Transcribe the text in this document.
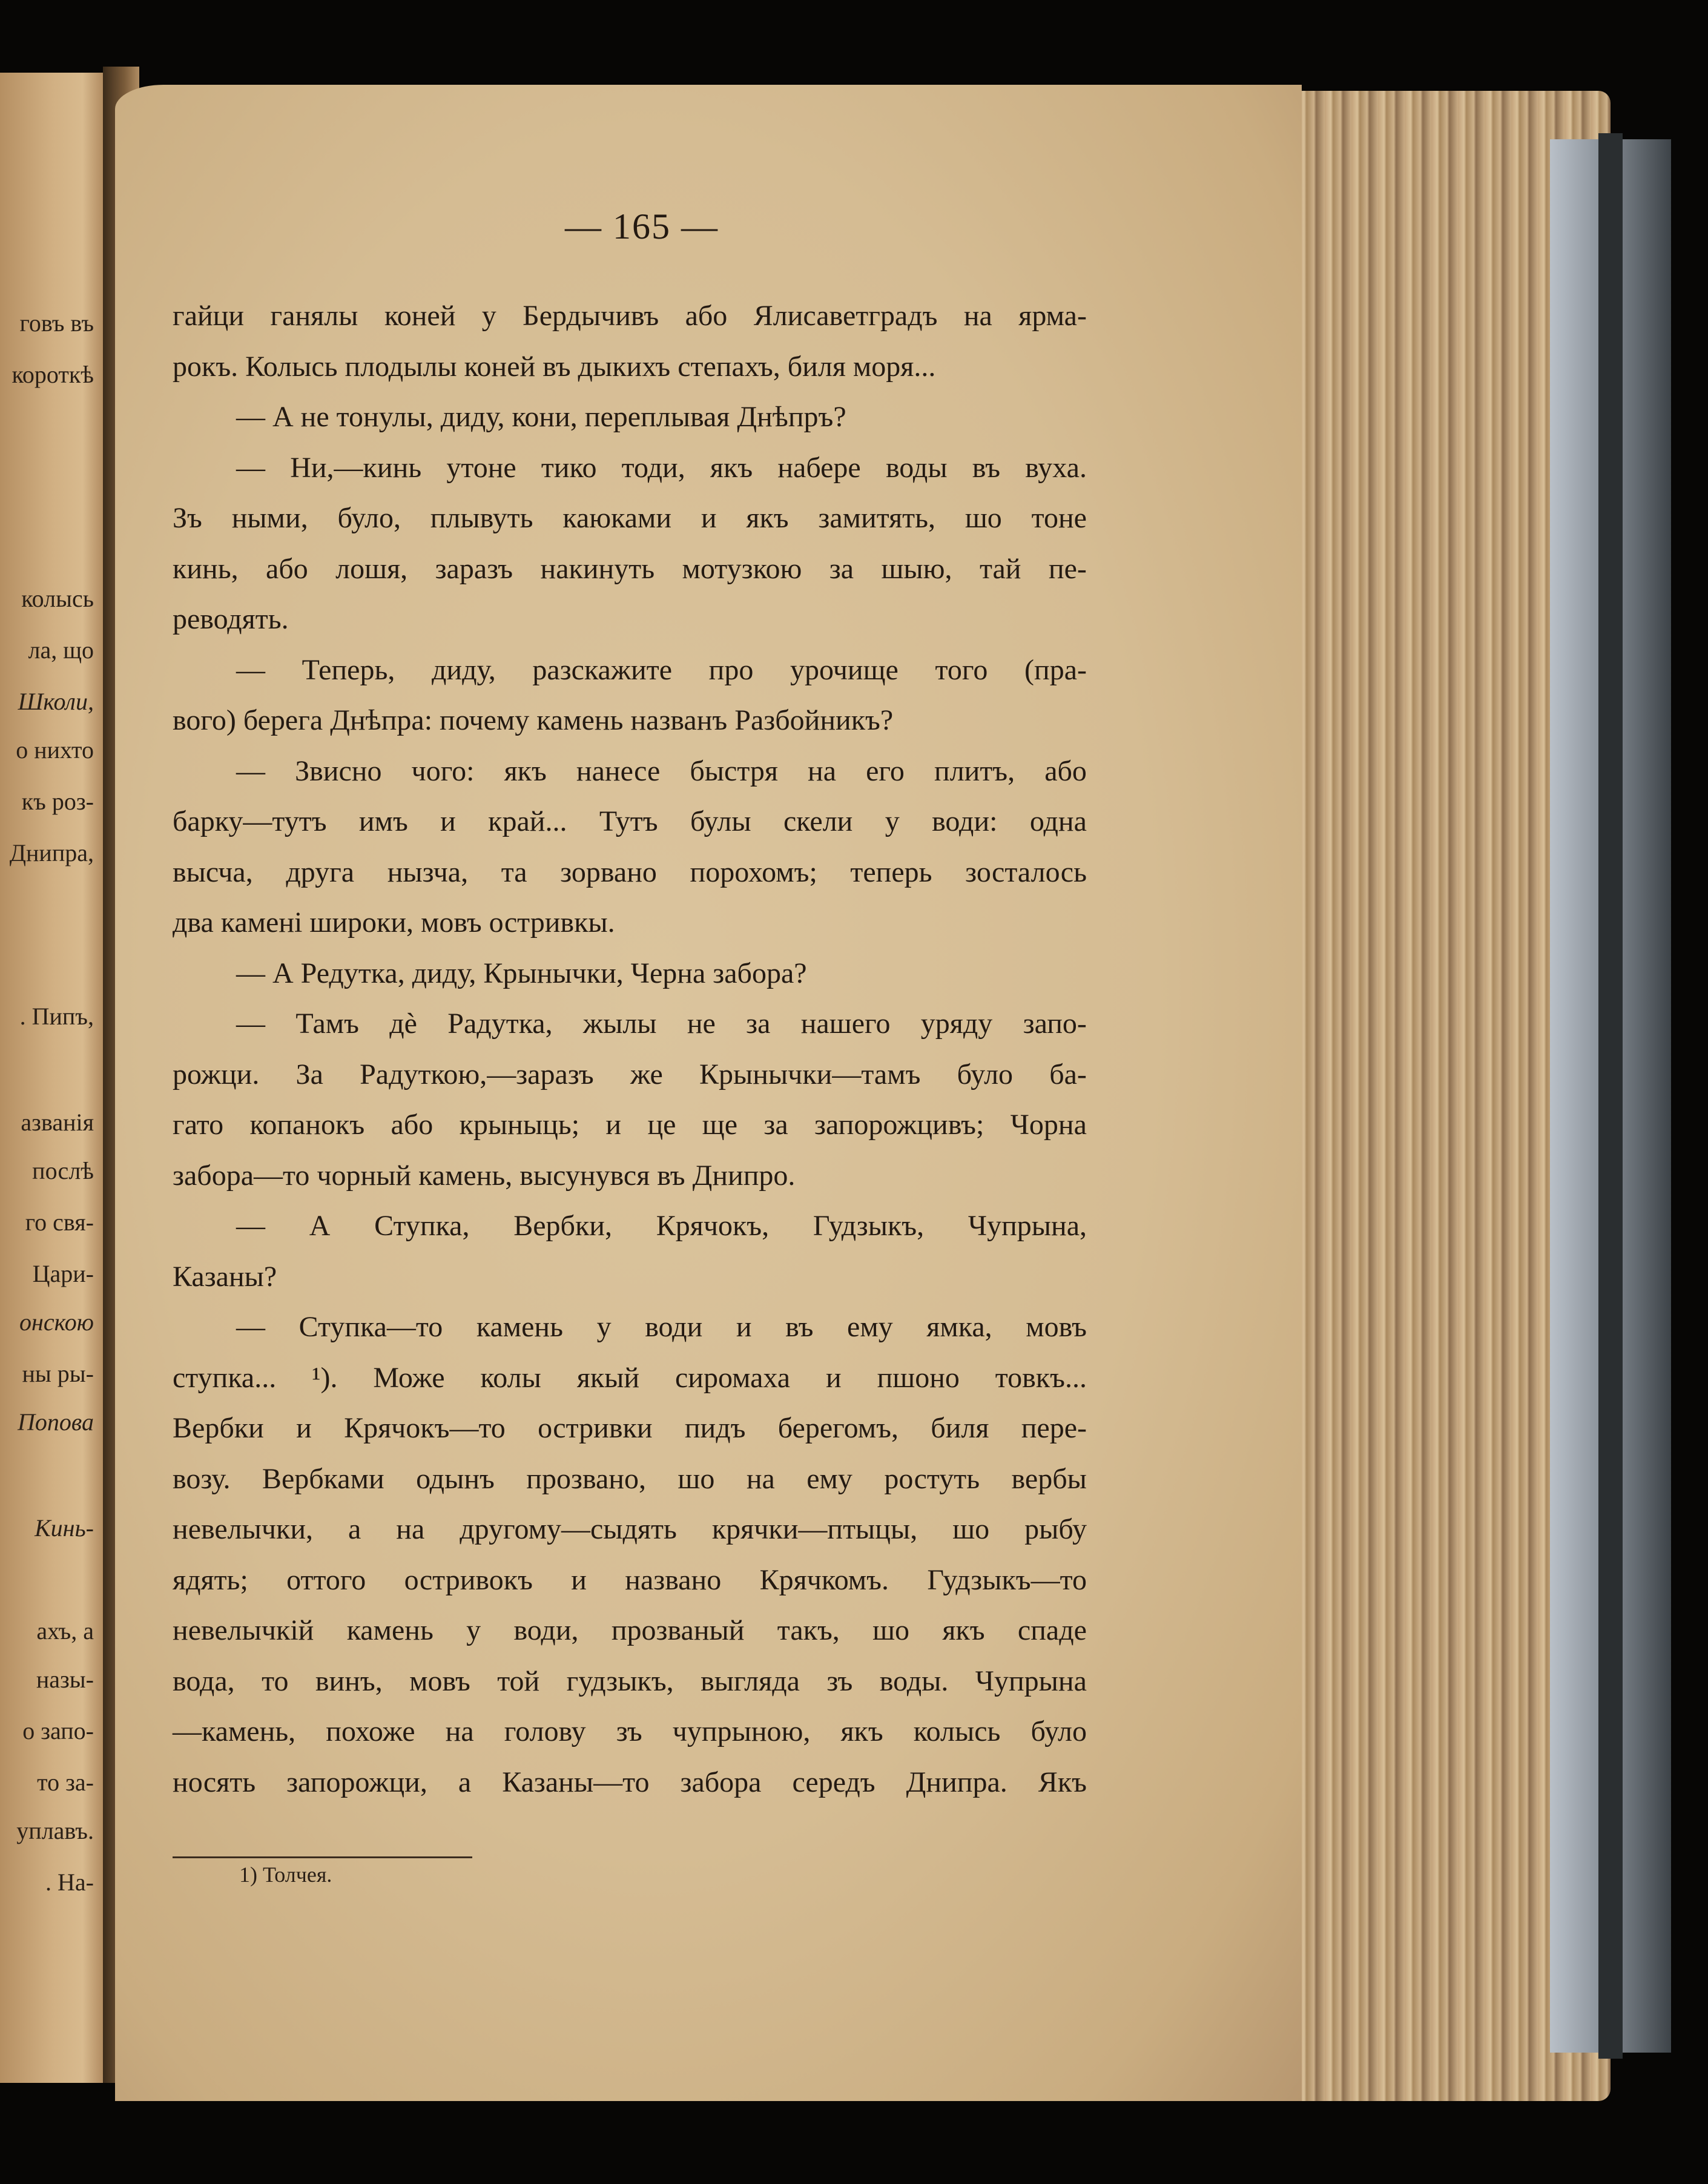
говъ въ
короткѣ
колысь
ла, що
Школи,
о нихто
къ роз-
Днипра,
. Пипъ,
азванiя
послѣ
го свя-
Цари-
онскою
ны ры-
Попова
Кинь-
ахъ, а
назы-
о запо-
то за-
уплавъ.
. На-
— 165 —
гайци ганялы коней у Бердычивъ або Ялисаветградъ на ярма-
рокъ. Колысь плодылы коней въ дыкихъ степахъ, биля моря...
— А не тонулы, диду, кони, переплывая Днѣпръ?
— Ни,—кинь утоне тико тоди, якъ набере воды въ вуха.
Зъ ными, було, плывуть каюками и якъ замитять, шо тоне
кинь, або лошя, заразъ накинуть мотузкою за шыю, тай пе-
реводять.
— Теперь, диду, разскажите про урочище того (пра-
вого) берега Днѣпра: почему камень названъ Разбойникъ?
— Звисно чого: якъ нанесе быстря на его плитъ, або
барку—тутъ имъ и край... Тутъ булы скели у води: одна
высча, друга нызча, та зорвано порохомъ; теперь зосталось
два каменi широки, мовъ остривкы.
— А Редутка, диду, Крынычки, Черна забора?
— Тамъ дѐ Радутка, жылы не за нашего уряду запо-
рожци. За Радуткою,—заразъ же Крынычки—тамъ було ба-
гато копанокъ або крыныць; и це ще за запорожцивъ; Чорна
забора—то чорный камень, высунувся въ Днипро.
— А Ступка, Вербки, Крячокъ, Гудзыкъ, Чупрына,
Казаны?
— Ступка—то камень у води и въ ему ямка, мовъ
ступка... ¹). Може колы якый сиромаха и пшоно товкъ...
Вербки и Крячокъ—то остривки пидъ берегомъ, биля пере-
возу. Вербками одынъ прозвано, шо на ему ростуть вербы
невелычки, а на другому—сыдять крячки—птыцы, шо рыбу
ядять; оттого остривокъ и названо Крячкомъ. Гудзыкъ—то
невелычкiй камень у води, прозваный такъ, шо якъ спаде
вода, то винъ, мовъ той гудзыкъ, выгляда зъ воды. Чупрына
—камень, похоже на голову зъ чупрыною, якъ колысь було
носять запорожци, а Казаны—то забора середъ Днипра. Якъ
1) Толчея.
